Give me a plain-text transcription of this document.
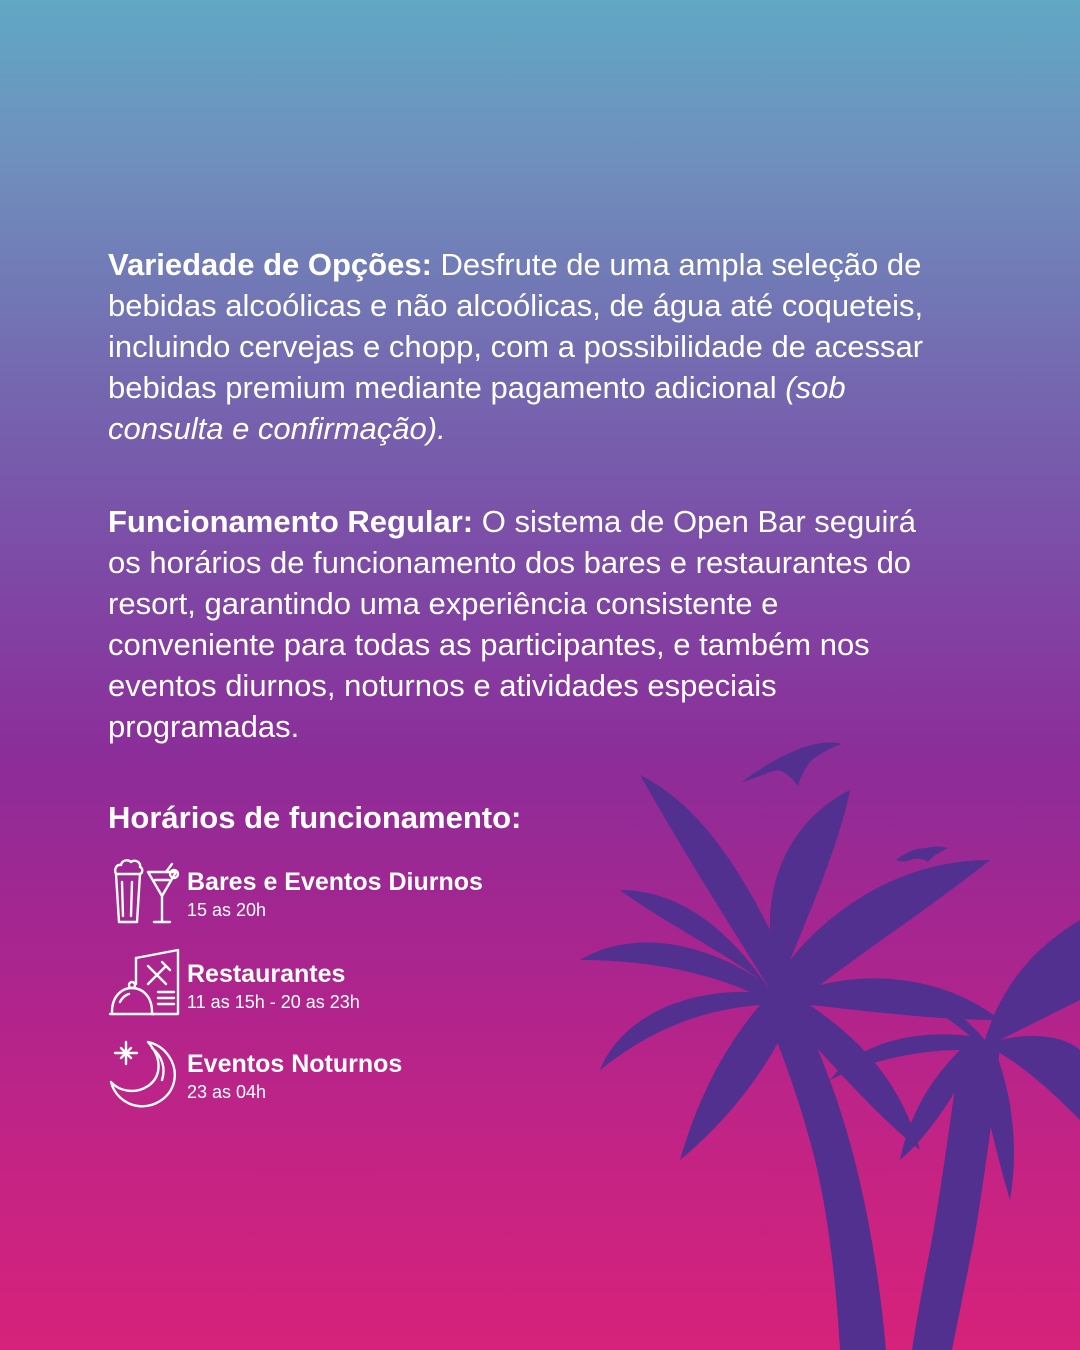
Variedade de Opções: Desfrute de uma ampla seleção de bebidas alcoólicas e não alcoólicas, de água até coqueteis, incluindo cervejas e chopp, com a possibilidade de acessar bebidas premium mediante pagamento adicional (sob consulta e confirmação).

Funcionamento Regular: O sistema de Open Bar seguirá os horários de funcionamento dos bares e restaurantes do resort, garantindo uma experiência consistente e conveniente para todas as participantes, e também nos eventos diurnos, noturnos e atividades especiais programadas.

Horários de funcionamento:
Bares e Eventos Diurnos
15 as 20h
Restaurantes
11 as 15h - 20 as 23h
Eventos Noturnos
23 as 04h
